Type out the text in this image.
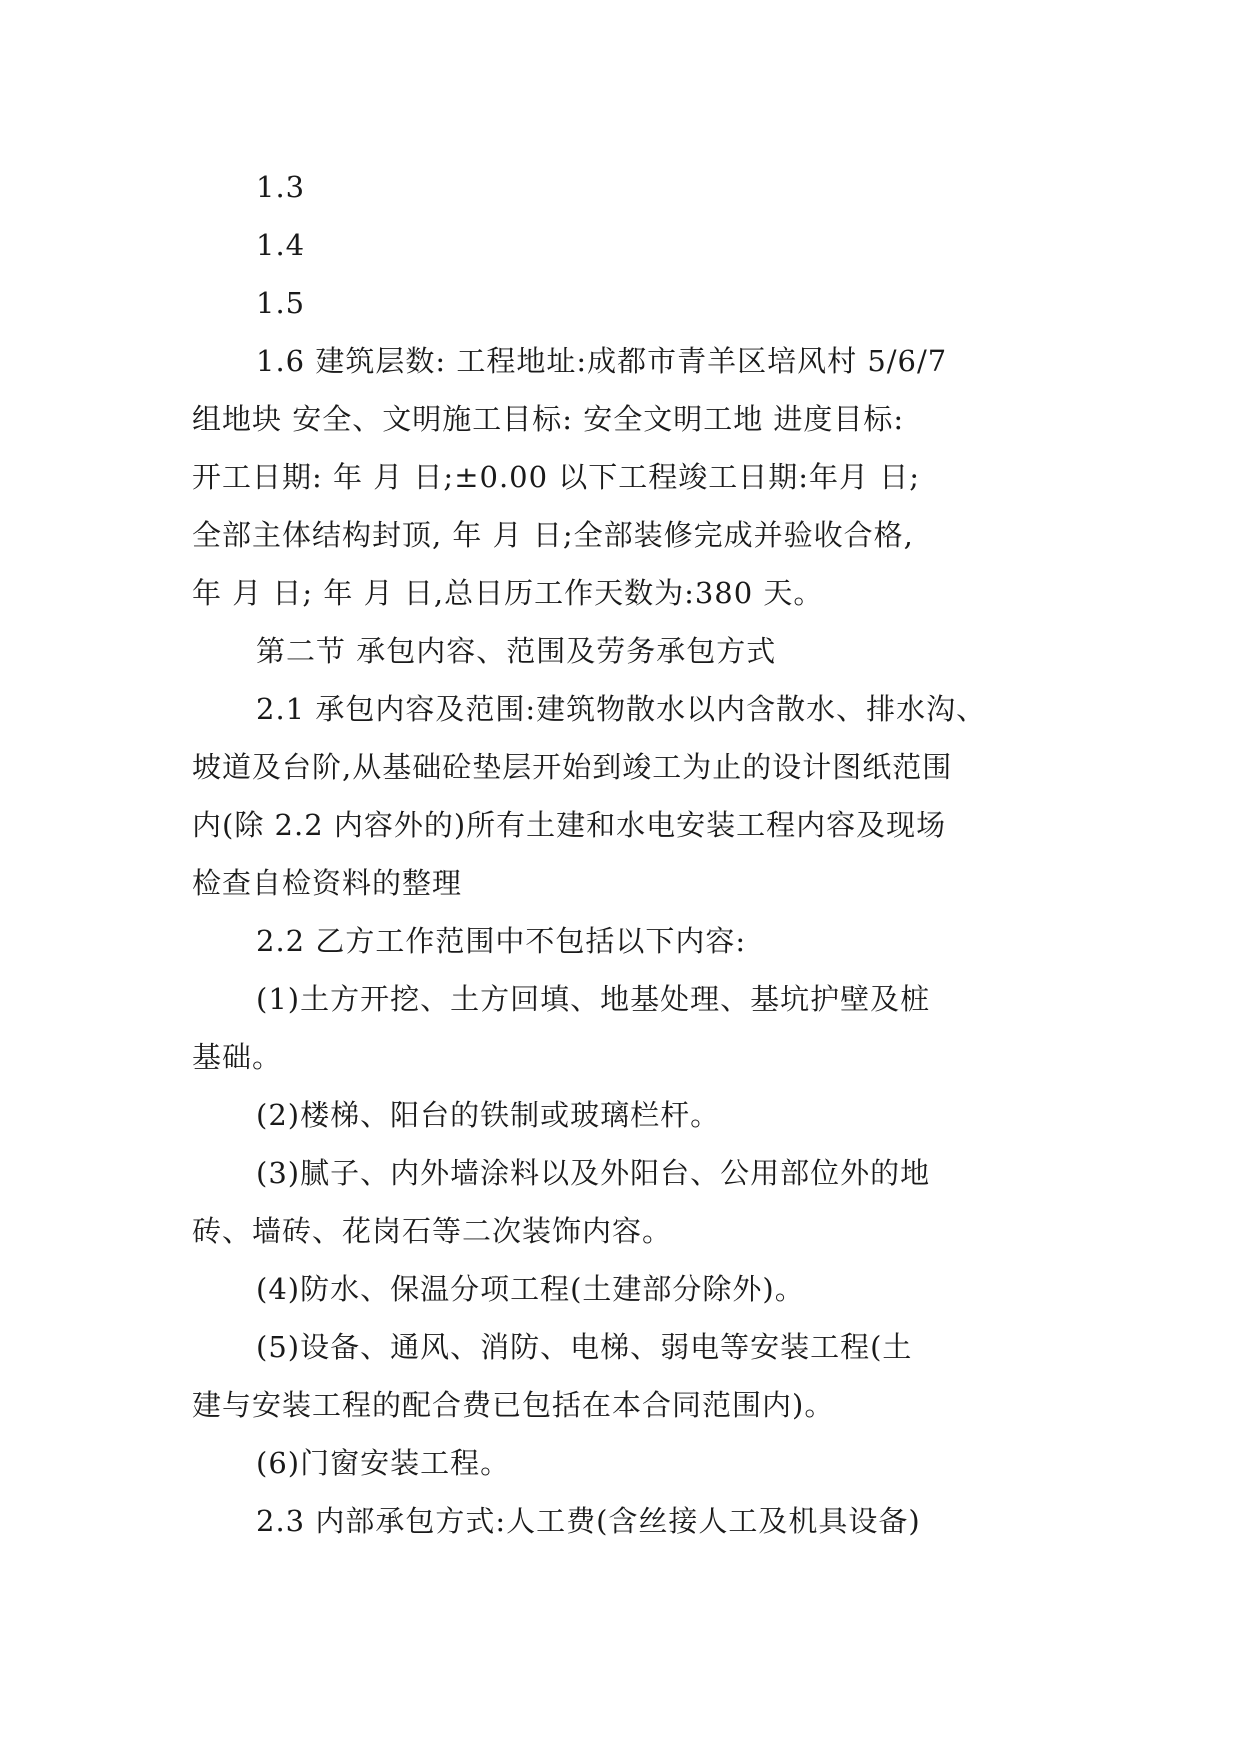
1.3
1.4
1.5
1.6 建筑层数: 工程地址:成都市青羊区培风村 5/6/7
组地块 安全、文明施工目标: 安全文明工地 进度目标:
开工日期: 年 月 日;±0.00 以下工程竣工日期:年月 日;
全部主体结构封顶, 年 月 日;全部装修完成并验收合格,
年 月 日; 年 月 日,总日历工作天数为:380 天。
第二节 承包内容、范围及劳务承包方式
2.1 承包内容及范围:建筑物散水以内含散水、排水沟、
坡道及台阶,从基础砼垫层开始到竣工为止的设计图纸范围
内(除 2.2 内容外的)所有土建和水电安装工程内容及现场
检查自检资料的整理
2.2 乙方工作范围中不包括以下内容:
(1)土方开挖、土方回填、地基处理、基坑护壁及桩
基础。
(2)楼梯、阳台的铁制或玻璃栏杆。
(3)腻子、内外墙涂料以及外阳台、公用部位外的地
砖、墙砖、花岗石等二次装饰内容。
(4)防水、保温分项工程(土建部分除外)。
(5)设备、通风、消防、电梯、弱电等安装工程(土
建与安装工程的配合费已包括在本合同范围内)。
(6)门窗安装工程。
2.3 内部承包方式:人工费(含丝接人工及机具设备)
